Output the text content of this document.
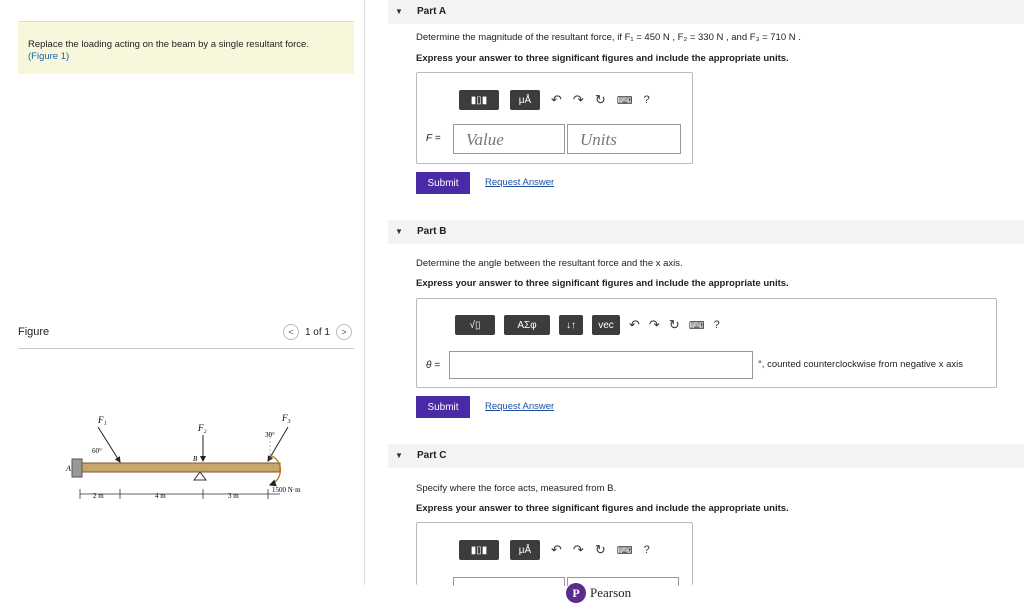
Replace the loading acting on the beam by a single resultant force.
(Figure 1)
Figure	<	1 of 1	>
F₁
F₂
F₃
60°
30°
A
B
2 m	4 m	3 m
1500 N·m
▼ Part A
Determine the magnitude of the resultant force, if F₁ = 450 N , F₂ = 330 N , and F₃ = 710 N .
Express your answer to three significant figures and include the appropriate units.
▮▯▮	μÅ	↶ ↷ ↻ ⌨ ?
F =	Value	Units
Submit	Request Answer
▼ Part B
Determine the angle between the resultant force and the x axis.
Express your answer to three significant figures and include the appropriate units.
√▯	ΑΣφ	↓↑	vec	↶ ↷ ↻ ⌨ ?
θ =	°, counted counterclockwise from negative x axis
Submit	Request Answer
▼ Part C
Specify where the force acts, measured from B.
Express your answer to three significant figures and include the appropriate units.
▮▯▮	μÅ	↶ ↷ ↻ ⌨ ?
P Pearson
